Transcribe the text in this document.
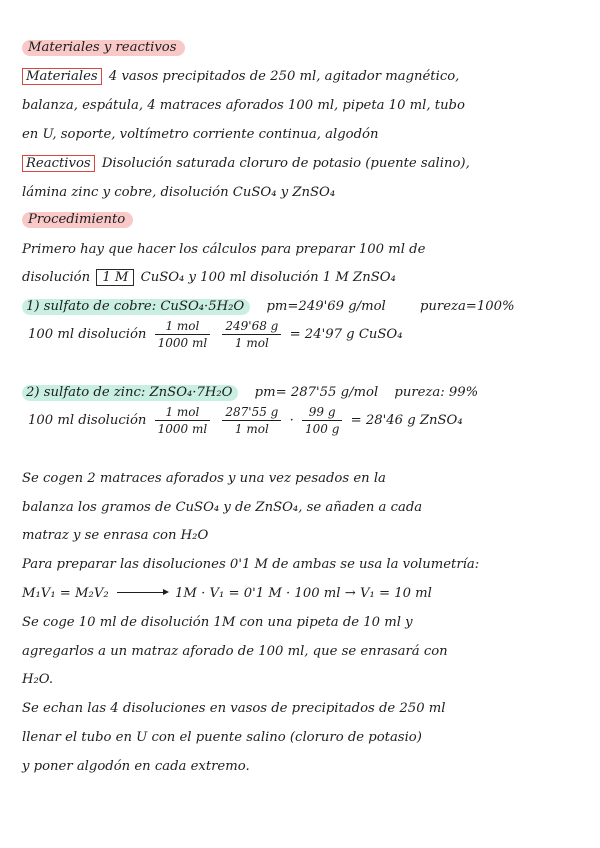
Materiales y reactivos
Materiales 4 vasos precipitados de 250 ml, agitador magnético,
balanza, espátula, 4 matraces aforados 100 ml, pipeta 10 ml, tubo
en U, soporte, voltímetro corriente continua, algodón
Reactivos Disolución saturada cloruro de potasio (puente salino),
lámina zinc y cobre, disolución CuSO₄ y ZnSO₄
Procedimiento
Primero hay que hacer los cálculos para preparar 100 ml de
disolución 1 M CuSO₄ y 100 ml disolución 1 M ZnSO₄
1) sulfato de cobre: CuSO₄·5H₂O pm=249'69 g/mol	pureza=100%
100 ml disolución $\frac{\text{1 mol}}{1000 ml}$
$\frac{249'68 g}{\text{1 mol}} = 24'97$ g CuSO₄
2) sulfato de zinc: ZnSO₄·7H₂O pm= 287'55 g/mol pureza: 99%
100 ml disolución $\frac{\text{1 mol}}{1000 ml}$
$\frac{287'55 g}{\text{1 mol}} \cdot \frac{99 g}{100 g} = 28'46$ g ZnSO₄
Se cogen 2 matraces aforados y una vez pesados en la
balanza los gramos de CuSO₄ y de ZnSO₄, se añaden a cada
matraz y se enrasa con H₂O
Para preparar las disoluciones 0'1 M de ambas se usa la volumetría:
M₁V₁ = M₂V₂	1M · V₁ = 0'1 M · 100 ml → V₁ = 10 ml
Se coge 10 ml de disolución 1M con una pipeta de 10 ml y
agregarlos a un matraz aforado de 100 ml, que se enrasará con
H₂O.
Se echan las 4 disoluciones en vasos de precipitados de 250 ml
llenar el tubo en U con el puente salino (cloruro de potasio)
y poner algodón en cada extremo.
